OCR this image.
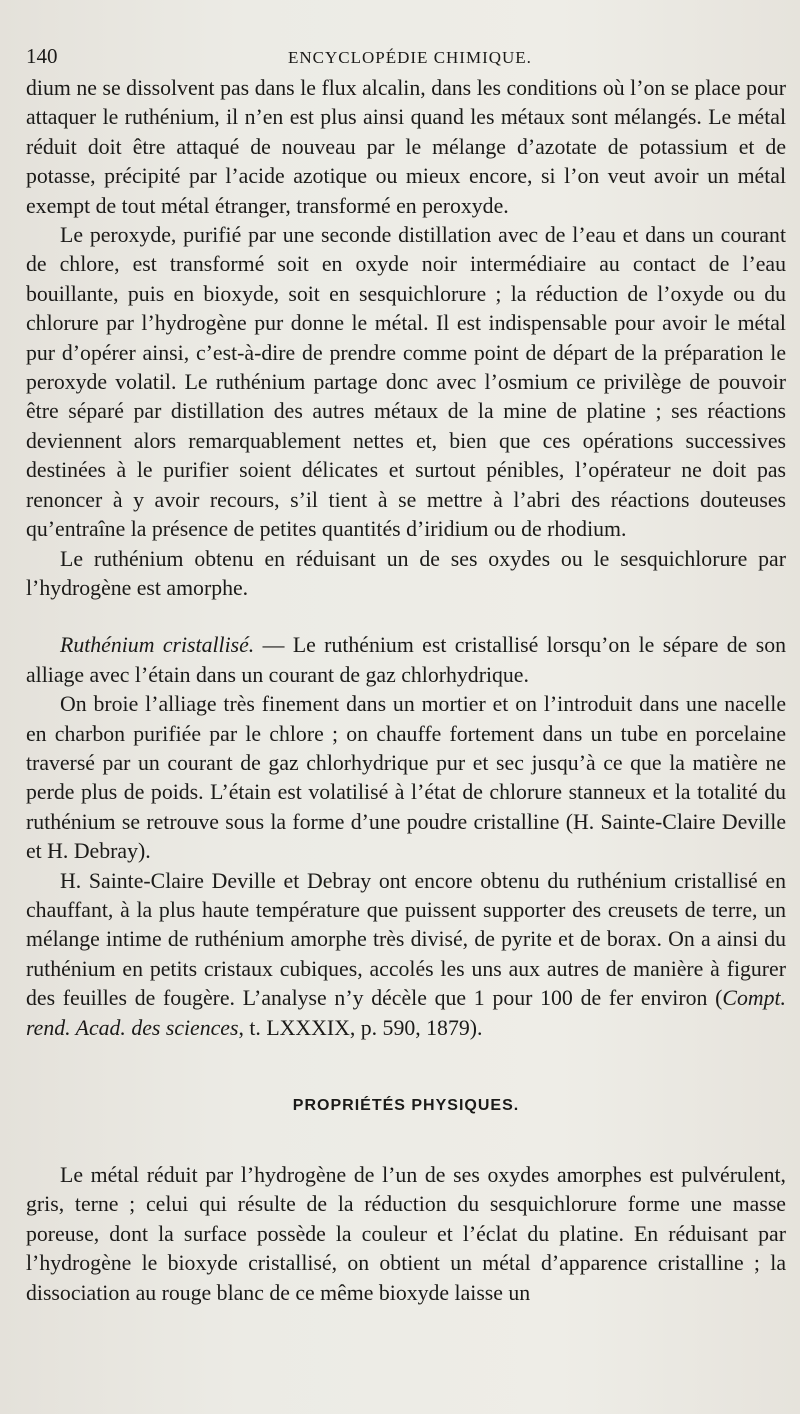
140	ENCYCLOPÉDIE CHIMIQUE.

dium ne se dissolvent pas dans le flux alcalin, dans les conditions où l’on se place pour attaquer le ruthénium, il n’en est plus ainsi quand les métaux sont mélangés. Le métal réduit doit être attaqué de nouveau par le mélange d’azotate de potassium et de potasse, précipité par l’acide azotique ou mieux encore, si l’on veut avoir un métal exempt de tout métal étranger, transformé en peroxyde.

Le peroxyde, purifié par une seconde distillation avec de l’eau et dans un courant de chlore, est transformé soit en oxyde noir intermédiaire au contact de l’eau bouillante, puis en bioxyde, soit en sesquichlorure ; la réduction de l’oxyde ou du chlorure par l’hydrogène pur donne le métal. Il est indispensable pour avoir le métal pur d’opérer ainsi, c’est-à-dire de prendre comme point de départ de la préparation le peroxyde volatil. Le ruthénium partage donc avec l’osmium ce privilège de pouvoir être séparé par distillation des autres métaux de la mine de platine ; ses réactions deviennent alors remarquablement nettes et, bien que ces opérations successives destinées à le purifier soient délicates et surtout pénibles, l’opérateur ne doit pas renoncer à y avoir recours, s’il tient à se mettre à l’abri des réactions douteuses qu’entraîne la présence de petites quantités d’iridium ou de rhodium.

Le ruthénium obtenu en réduisant un de ses oxydes ou le sesquichlorure par l’hydrogène est amorphe.

Ruthénium cristallisé. — Le ruthénium est cristallisé lorsqu’on le sépare de son alliage avec l’étain dans un courant de gaz chlorhydrique.

On broie l’alliage très finement dans un mortier et on l’introduit dans une nacelle en charbon purifiée par le chlore ; on chauffe fortement dans un tube en porcelaine traversé par un courant de gaz chlorhydrique pur et sec jusqu’à ce que la matière ne perde plus de poids. L’étain est volatilisé à l’état de chlorure stanneux et la totalité du ruthénium se retrouve sous la forme d’une poudre cristalline (H. Sainte-Claire Deville et H. Debray).

H. Sainte-Claire Deville et Debray ont encore obtenu du ruthénium cristallisé en chauffant, à la plus haute température que puissent supporter des creusets de terre, un mélange intime de ruthénium amorphe très divisé, de pyrite et de borax. On a ainsi du ruthénium en petits cristaux cubiques, accolés les uns aux autres de manière à figurer des feuilles de fougère. L’analyse n’y décèle que 1 pour 100 de fer environ (Compt. rend. Acad. des sciences, t. LXXXIX, p. 590, 1879).

PROPRIÉTÉS PHYSIQUES.

Le métal réduit par l’hydrogène de l’un de ses oxydes amorphes est pulvérulent, gris, terne ; celui qui résulte de la réduction du sesquichlorure forme une masse poreuse, dont la surface possède la couleur et l’éclat du platine. En réduisant par l’hydrogène le bioxyde cristallisé, on obtient un métal d’apparence cristalline ; la dissociation au rouge blanc de ce même bioxyde laisse un
